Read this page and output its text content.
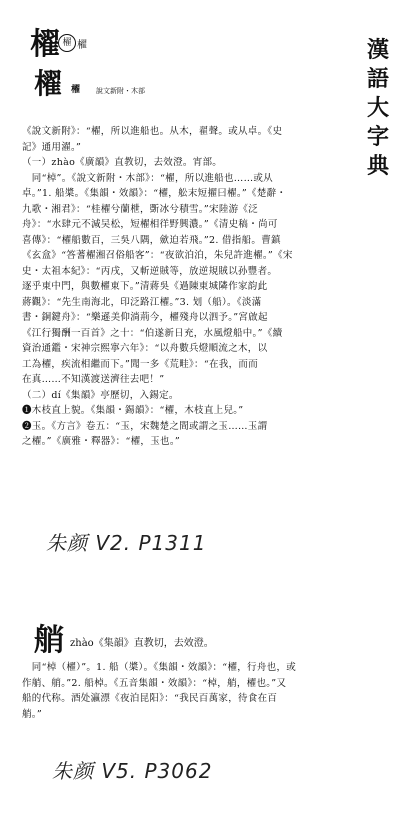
櫂 櫂 櫂
櫂 櫂	說文新附・木部
漢
語
大
字
典

《說文新附》：“櫂，所以進船也。从木，翟聲。或从卓。《史

記》通用濯。”

（一）zhào《廣韻》直教切，去效澄。宵部。

　同“棹”。《說文新附・木部》：“櫂，所以進船也……或从

卓。”1. 船槳。《集韻・效韻》：“櫂，舩末短擢曰櫂。”《楚辭・

九歌・湘君》：“桂櫂兮蘭枻，斲冰兮積雪。”宋陸游《泛

舟》：“水肆元不減吴松，短櫂相徉野興濃。”《清史稿・尚可

喜傳》：“櫂船數百，三吳八隅，歛迫若飛。”2. 借指船。曹鎮

《玄盒》“答蓍櫂湘召俗船客”：“夜欲泊泊，朱兒許進櫂。”《宋

史・太祖本紀》：“丙戌，又斬逆賊等，放逆規賊以孙豐者。

逐乎東中門，與數櫂東下。”清蔣吳《過陳東城隣作家韵此

蔣觀》：“先生南海北，印泛路江櫂。”3. 划（船）。《淡滿

書・銅鍵舟》：“樂遜美仰淌荊今，櫂殘舟以泗予。”宮啟起

《江行獨酬一百首》之十：“伯遂新日充，水風燈船中。”《續

資治通鑑・宋神宗熙寧六年》：“以舟數兵燈順流之木，以

工為櫂，疾流相繼而下。”聞一多《荒畦》：“在我，而而

在真……不知漢渡送濟往去吧！”

（二）dí《集韻》亭歷切，入錫定。

❶木枝直上貌。《集韻・錫韻》：“櫂，木枝直上兒。”

❷玉。《方言》卷五：“玉，宋魏楚之間或謂之玉……玉謂

之櫂。”《廣雅・釋器》：“櫂，玉也。”

朱颜 V2. P1311
艄 zhào《集韻》直教切，去效澄。

　同“棹（櫂）”。1. 船（槳）。《集韻・效韻》：“櫂，行舟也，或

作艄、艄。”2. 船棹。《五音集韻・效韻》：“棹，艄，櫂也。”又

船的代称。酒处瀛漂《夜泊昆阳》：“我民百萬家，待食在百

艄。”

朱颜 V5. P3062
